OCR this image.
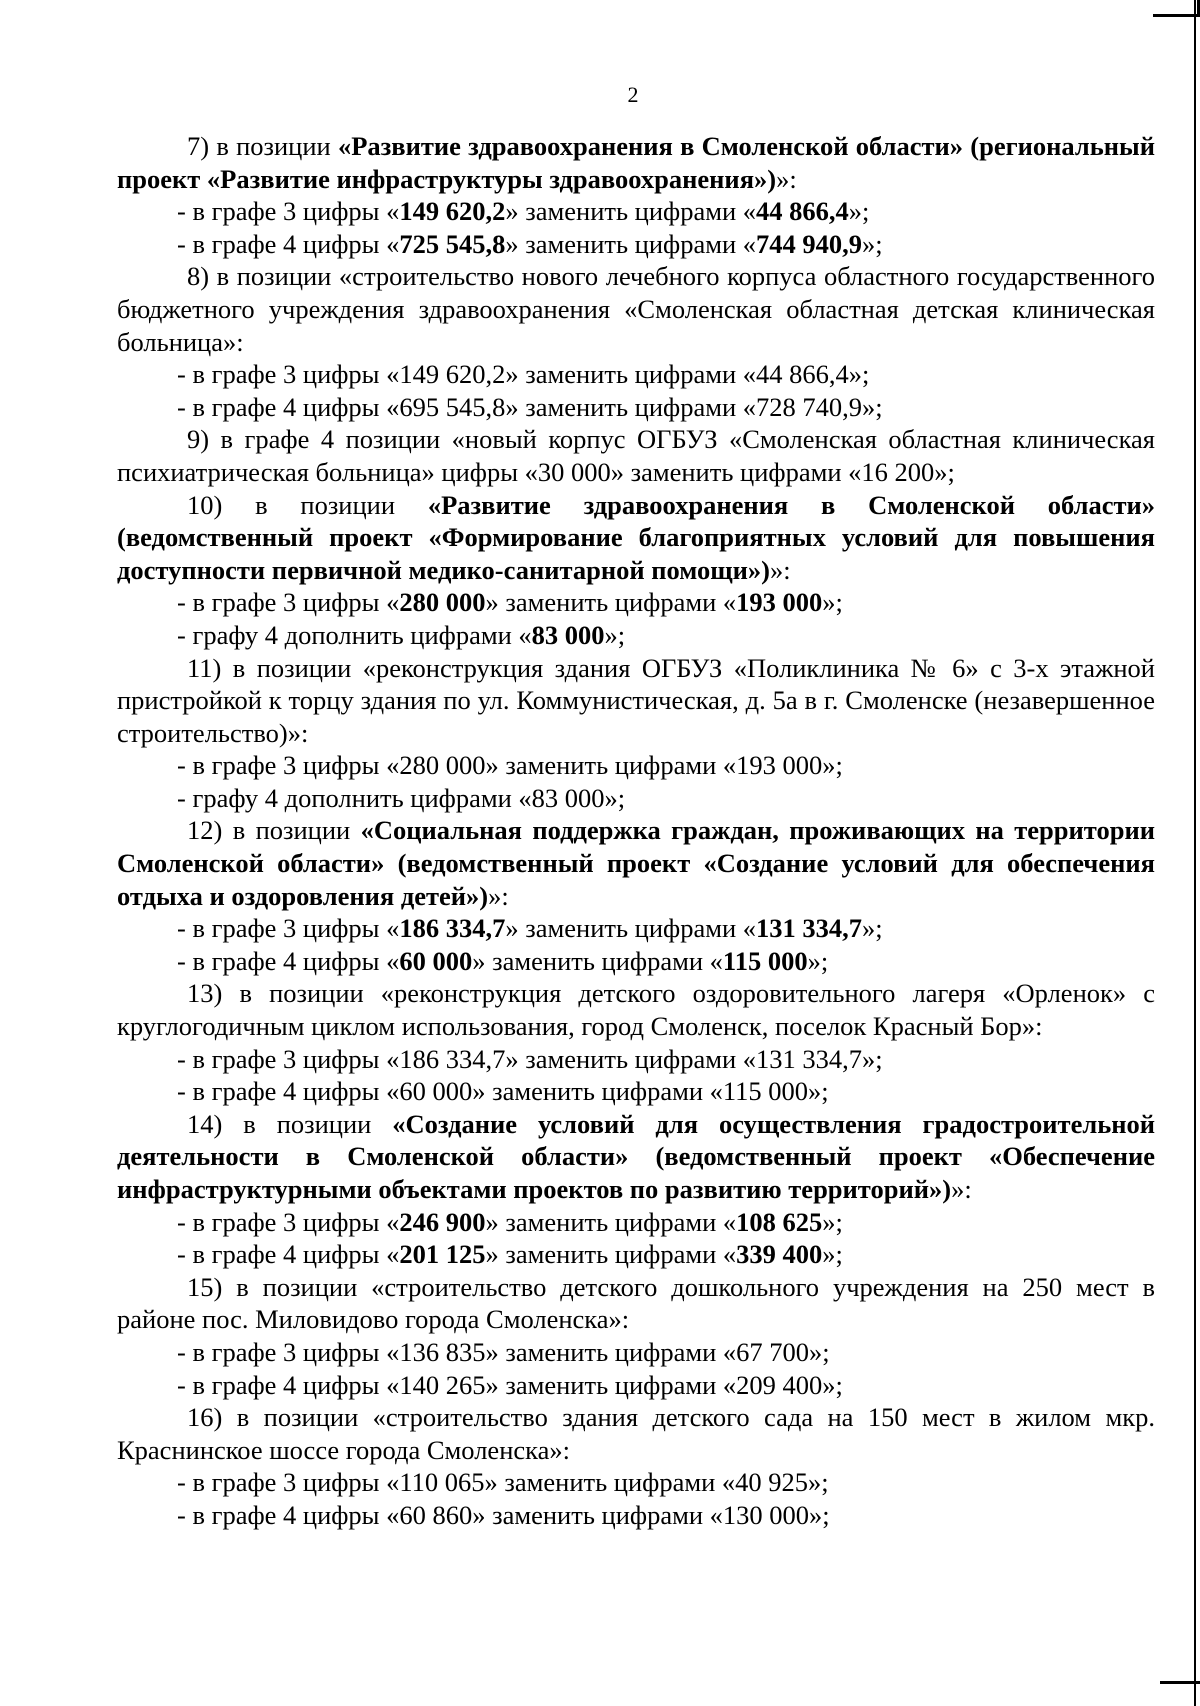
2

7) в позиции «Развитие здравоохранения в Смоленской области» (региональный проект «Развитие инфраструктуры здравоохранения»)»:

- в графе 3 цифры «149 620,2» заменить цифрами «44 866,4»;

- в графе 4 цифры «725 545,8» заменить цифрами «744 940,9»;

8) в позиции «строительство нового лечебного корпуса областного государственного бюджетного учреждения здравоохранения «Смоленская областная детская клиническая больница»:

- в графе 3 цифры «149 620,2» заменить цифрами «44 866,4»;

- в графе 4 цифры «695 545,8» заменить цифрами «728 740,9»;

9) в графе 4 позиции «новый корпус ОГБУЗ «Смоленская областная клиническая психиатрическая больница» цифры «30 000» заменить цифрами «16 200»;

10) в позиции «Развитие здравоохранения в Смоленской области» (ведомственный проект «Формирование благоприятных условий для повышения доступности первичной медико-санитарной помощи»)»:

- в графе 3 цифры «280 000» заменить цифрами «193 000»;

- графу 4 дополнить цифрами «83 000»;

11) в позиции «реконструкция здания ОГБУЗ «Поликлиника № 6» с 3-х этажной пристройкой к торцу здания по ул. Коммунистическая, д. 5а в г. Смоленске (незавершенное строительство)»:

- в графе 3 цифры «280 000» заменить цифрами «193 000»;

- графу 4 дополнить цифрами «83 000»;

12) в позиции «Социальная поддержка граждан, проживающих на территории Смоленской области» (ведомственный проект «Создание условий для обеспечения отдыха и оздоровления детей»)»:

- в графе 3 цифры «186 334,7» заменить цифрами «131 334,7»;

- в графе 4 цифры «60 000» заменить цифрами «115 000»;

13) в позиции «реконструкция детского оздоровительного лагеря «Орленок» с круглогодичным циклом использования, город Смоленск, поселок Красный Бор»:

- в графе 3 цифры «186 334,7» заменить цифрами «131 334,7»;

- в графе 4 цифры «60 000» заменить цифрами «115 000»;

14) в позиции «Создание условий для осуществления градостроительной деятельности в Смоленской области» (ведомственный проект «Обеспечение инфраструктурными объектами проектов по развитию территорий»)»:

- в графе 3 цифры «246 900» заменить цифрами «108 625»;

- в графе 4 цифры «201 125» заменить цифрами «339 400»;

15) в позиции «строительство детского дошкольного учреждения на 250 мест в районе пос. Миловидово города Смоленска»:

- в графе 3 цифры «136 835» заменить цифрами «67 700»;

- в графе 4 цифры «140 265» заменить цифрами «209 400»;

16) в позиции «строительство здания детского сада на 150 мест в жилом мкр. Краснинское шоссе города Смоленска»:

- в графе 3 цифры «110 065» заменить цифрами «40 925»;

- в графе 4 цифры «60 860» заменить цифрами «130 000»;
